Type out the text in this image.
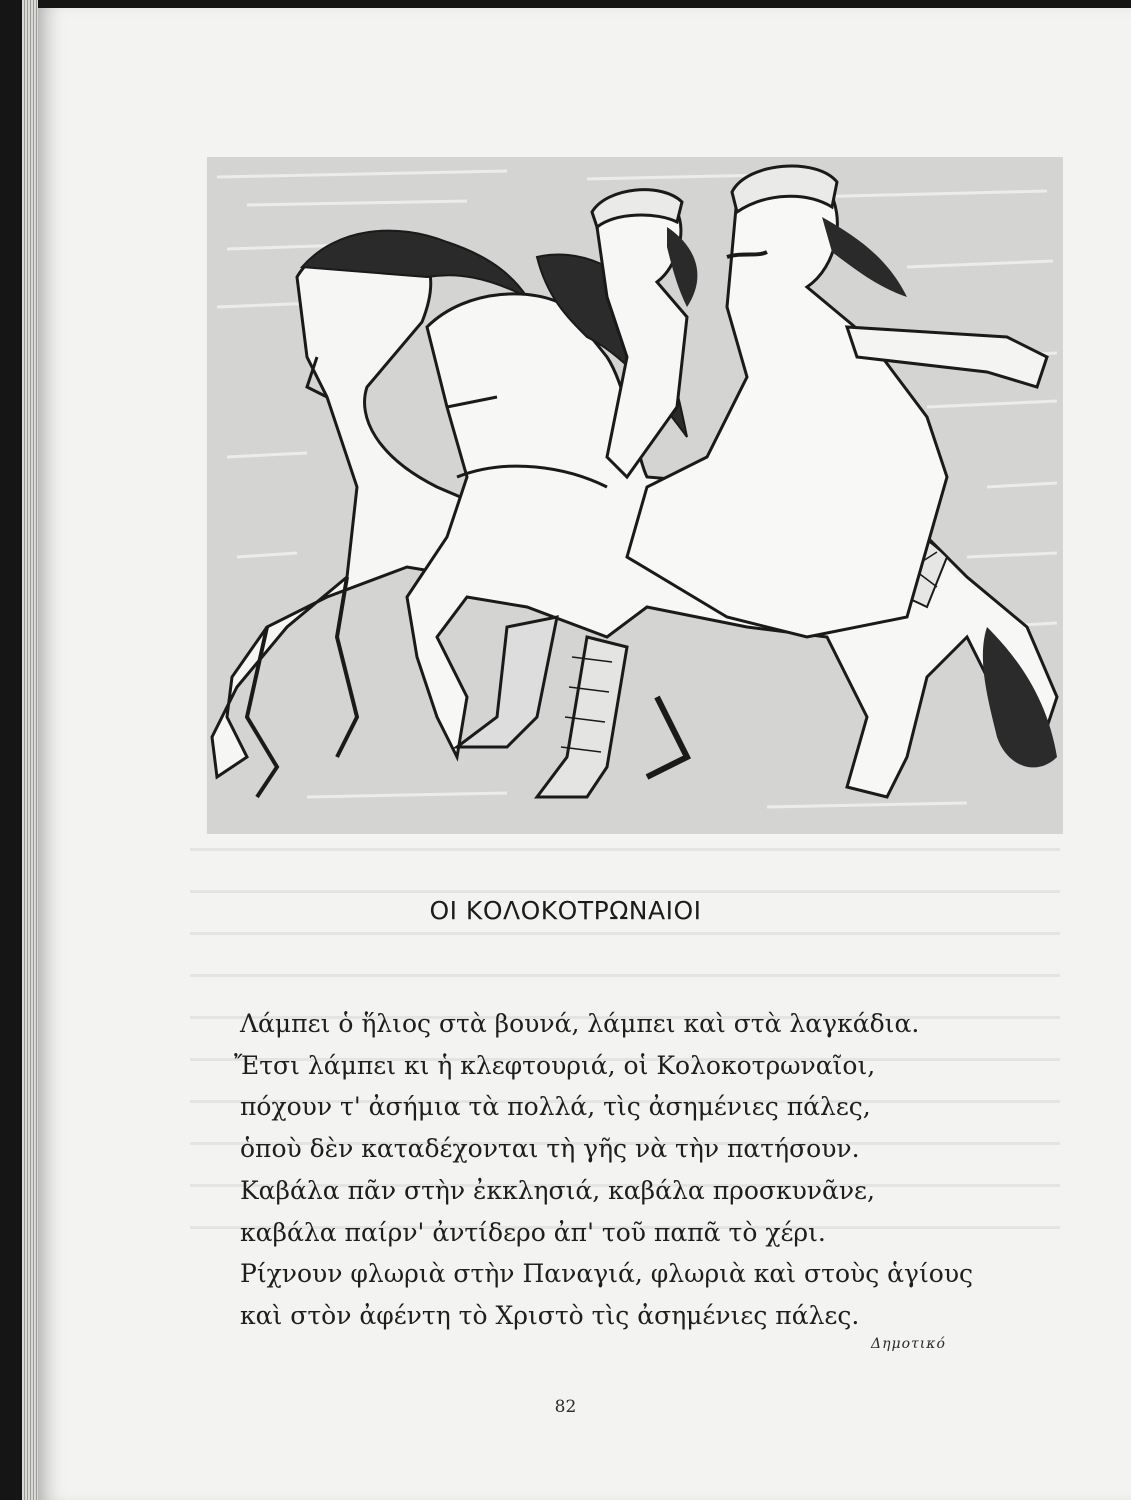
ΟΙ ΚΟΛΟΚΟΤΡΩΝΑΙΟΙ
Λάμπει ὁ ἥλιος στὰ βουνά, λάμπει καὶ στὰ λαγκάδια.
Ἔτσι λάμπει κι ἡ κλεφτουριά, οἱ Κολοκοτρωναῖοι,
πόχουν τ' ἀσήμια τὰ πολλά, τὶς ἀσημένιες πάλες,
ὁποὺ δὲν καταδέχονται τὴ γῆς νὰ τὴν πατήσουν.
Καβάλα πᾶν στὴν ἐκκλησιά, καβάλα προσκυνᾶνε,
καβάλα παίρν' ἀντίδερο ἀπ' τοῦ παπᾶ τὸ χέρι.
Ρίχνουν φλωριὰ στὴν Παναγιά, φλωριὰ καὶ στοὺς ἁγίους
καὶ στὸν ἀφέντη τὸ Χριστὸ τὶς ἀσημένιες πάλες.
Δημοτικό
82
